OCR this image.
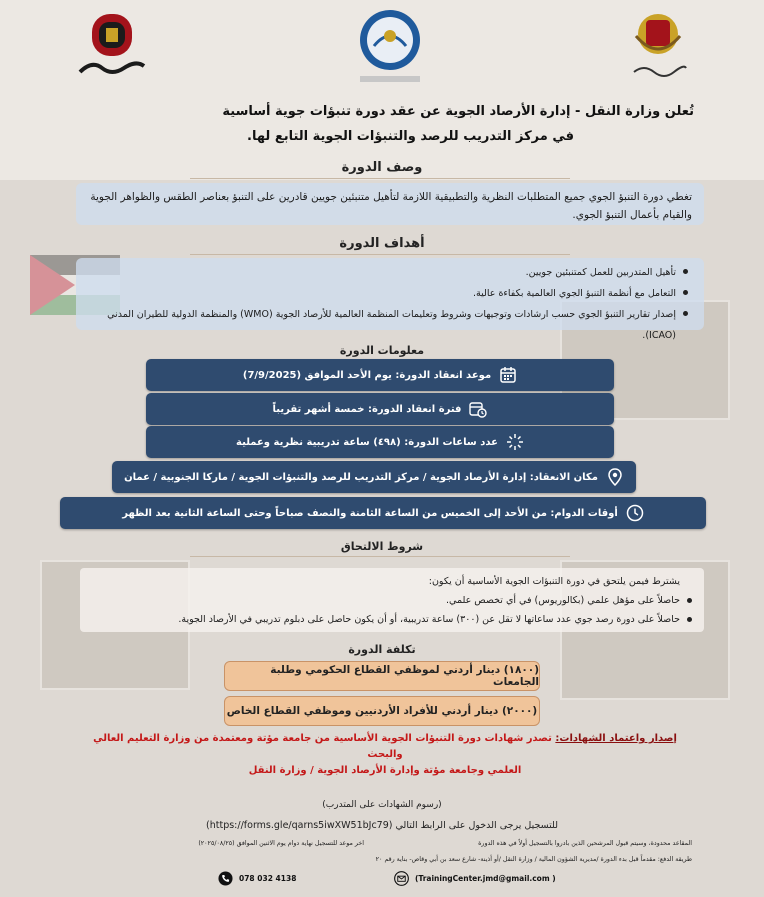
تُعلن وزارة النقل - إدارة الأرصاد الجوية عن عقد دورة تنبؤات جوية أساسية
في مركز التدريب للرصد والتنبؤات الجوية التابع لها.
وصف الدورة
تغطي دورة التنبؤ الجوي جميع المتطلبات النظرية والتطبيقية اللازمة لتأهيل متنبئين جويين قادرين على التنبؤ بعناصر الطقس والظواهر الجوية والقيام بأعمال التنبؤ الجوي.
أهداف الدورة
تأهيل المتدربين للعمل كمتنبئين جويين.
التعامل مع أنظمة التنبؤ الجوي العالمية بكفاءة عالية.
إصدار تقارير التنبؤ الجوي حسب ارشادات وتوجيهات وشروط وتعليمات المنظمة العالمية للأرصاد الجوية (WMO) والمنظمة الدولية للطيران المدني (ICAO).
معلومات الدورة
موعد انعقاد الدورة: يوم الأحد الموافق (7/9/2025)
فترة انعقاد الدورة: خمسة أشهر تقريباً
عدد ساعات الدورة: (٤٩٨) ساعة تدريبية نظرية وعملية
مكان الانعقاد: إدارة الأرصاد الجوية / مركز التدريب للرصد والتنبؤات الجوية / ماركا الجنوبية / عمان
أوقات الدوام: من الأحد إلى الخميس من الساعة الثامنة والنصف صباحاً وحتى الساعة الثانية بعد الظهر
شروط الالتحاق
يشترط فيمن يلتحق في دورة التنبؤات الجوية الأساسية أن يكون:
حاصلاً على مؤهل علمي (بكالوريوس) في أي تخصص علمي.
حاصلاً على دورة رصد جوي عدد ساعاتها لا تقل عن (٣٠٠) ساعة تدريبية، أو أن يكون حاصل على دبلوم تدريبي في الأرصاد الجوية.
تكلفة الدورة
(١٨٠٠) دينار أردني لموظفي القطاع الحكومي وطلبة الجامعات
(٢٠٠٠) دينار أردني للأفراد الأردنيين وموظفي القطاع الخاص
إصدار واعتماد الشهادات: تصدر شهادات دورة التنبؤات الجوية الأساسية من جامعة مؤتة ومعتمدة من وزارة التعليم العالي والبحث
العلمي وجامعة مؤتة وإدارة الأرصاد الجوية / وزارة النقل
(رسوم الشهادات على المتدرب)
للتسجيل يرجى الدخول على الرابط التالي (https://forms.gle/qarns5iwXW51bJc79)
المقاعد محدودة، وسيتم قبول المرشحين الذين بادروا بالتسجيل أولاً في هذه الدورة
اخر موعد للتسجيل نهاية دوام يوم الاثنين الموافق (٢٠٢٥/٠٨/٢٥)
طريقة الدفع: مقدماً قبل بدء الدورة /مديرية الشؤون المالية / وزارة النقل /أو أذينة- شارع سعد بن أبي وقاص- بناية رقم ٢٠
(TrainingCenter.jmd@gmail.com )
078 032 4138
